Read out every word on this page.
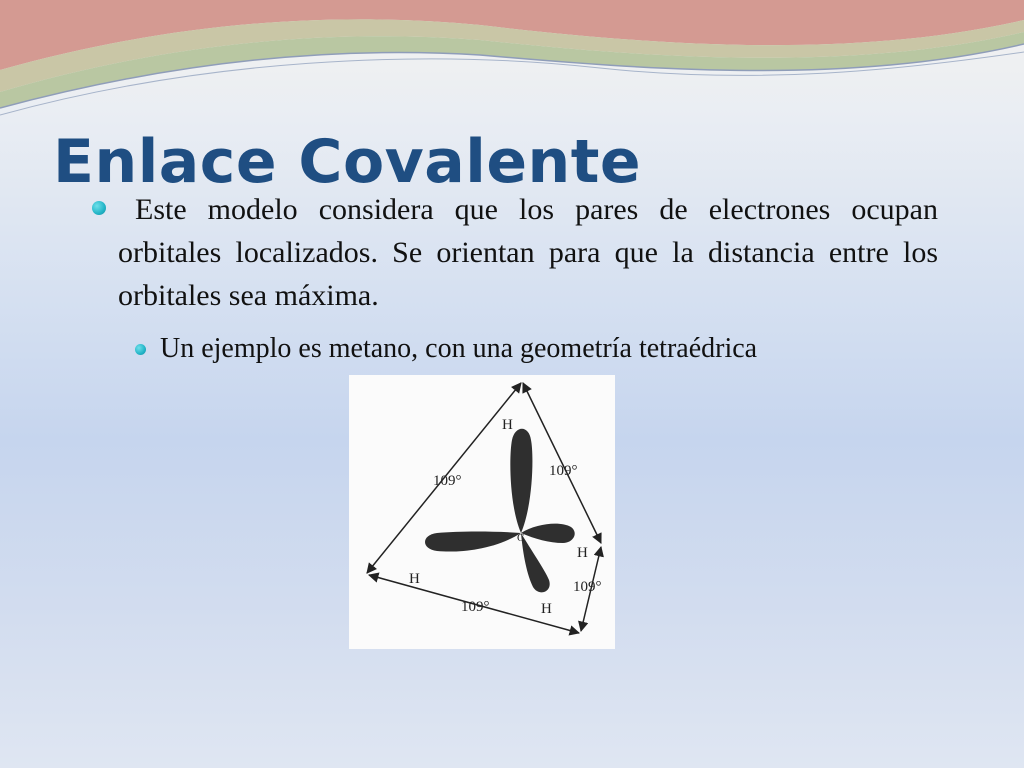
Enlace Covalente

Este modelo considera que los pares de electrones ocupan orbitales localizados. Se orientan para que la distancia entre los orbitales sea máxima.

Un ejemplo es metano, con una geometría tetraédrica

H
H
H
H
C
109°
109°
109°
109°
